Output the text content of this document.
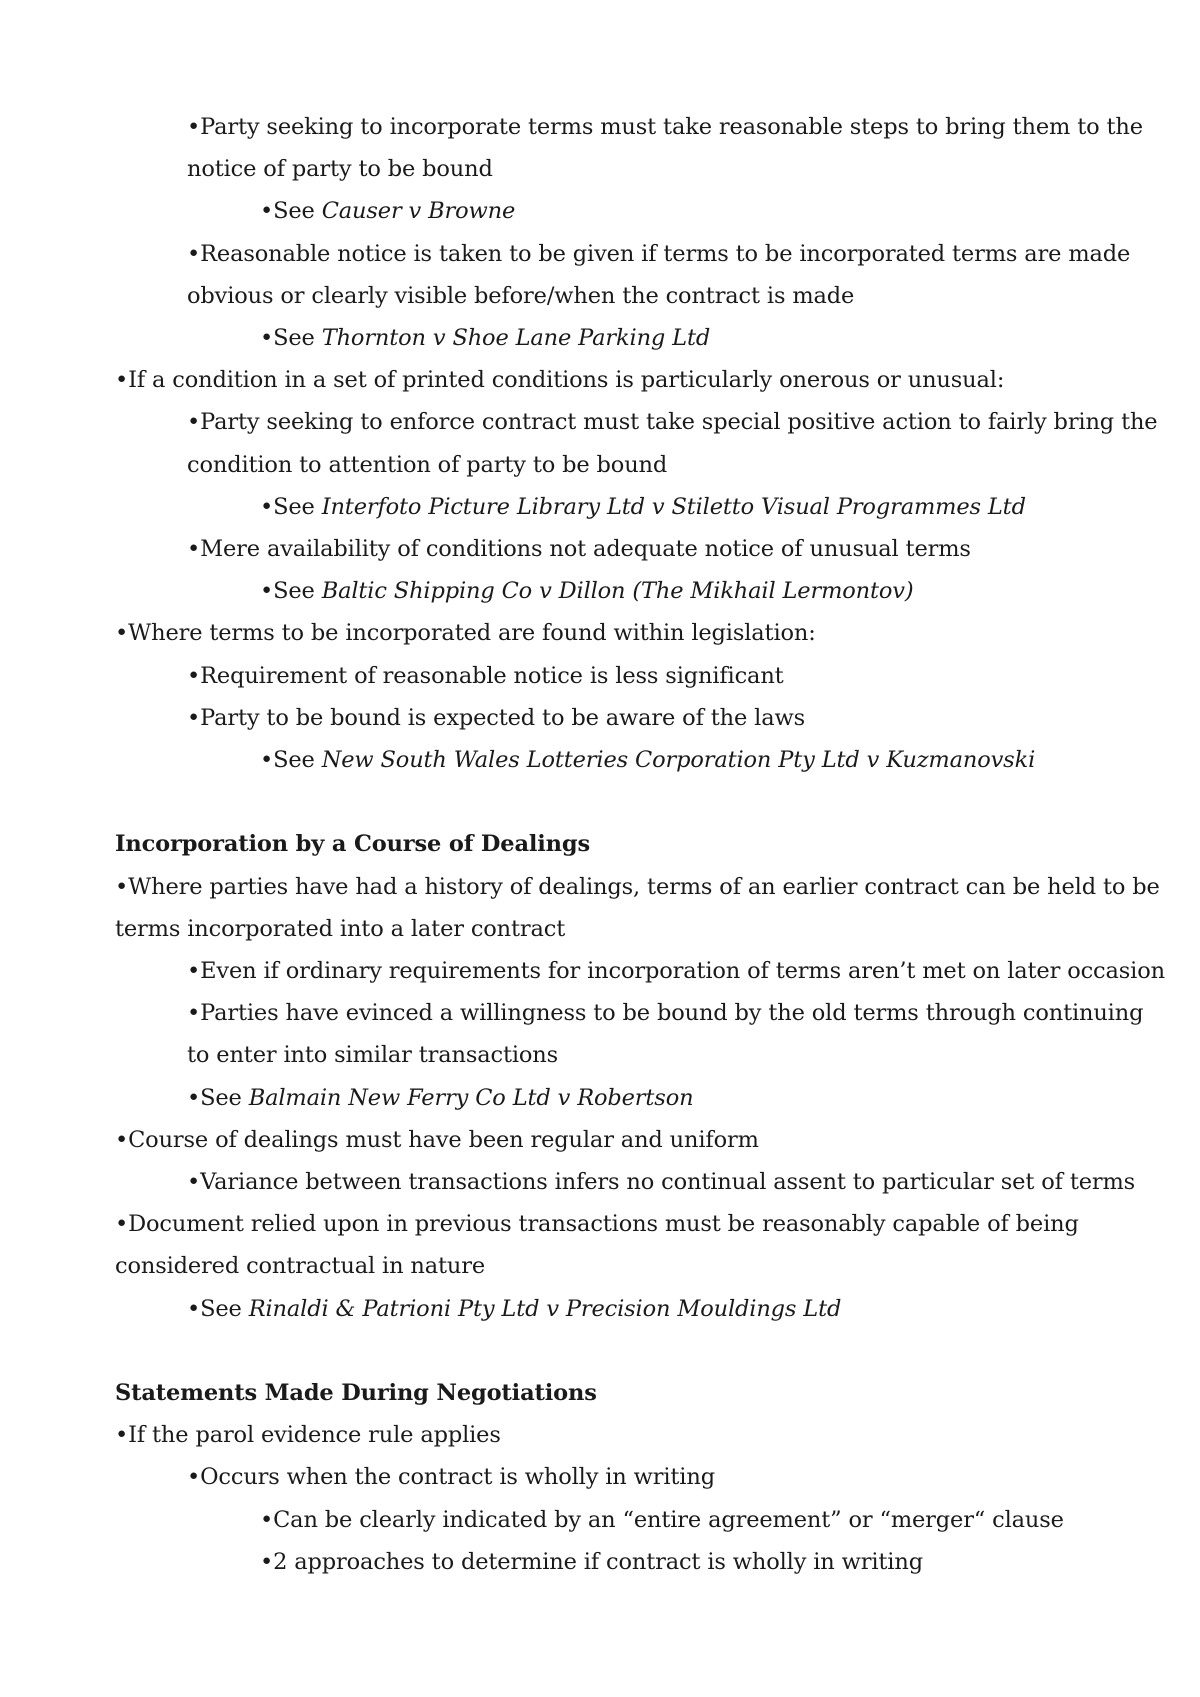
•Party seeking to incorporate terms must take reasonable steps to bring them to the
notice of party to be bound
•See Causer v Browne
•Reasonable notice is taken to be given if terms to be incorporated terms are made
obvious or clearly visible before/when the contract is made
•See Thornton v Shoe Lane Parking Ltd
•If a condition in a set of printed conditions is particularly onerous or unusual:
•Party seeking to enforce contract must take special positive action to fairly bring the
condition to attention of party to be bound
•See Interfoto Picture Library Ltd v Stiletto Visual Programmes Ltd
•Mere availability of conditions not adequate notice of unusual terms
•See Baltic Shipping Co v Dillon (The Mikhail Lermontov)
•Where terms to be incorporated are found within legislation:
•Requirement of reasonable notice is less significant
•Party to be bound is expected to be aware of the laws
•See New South Wales Lotteries Corporation Pty Ltd v Kuzmanovski
Incorporation by a Course of Dealings
•Where parties have had a history of dealings, terms of an earlier contract can be held to be
terms incorporated into a later contract
•Even if ordinary requirements for incorporation of terms aren’t met on later occasion
•Parties have evinced a willingness to be bound by the old terms through continuing
to enter into similar transactions
•See Balmain New Ferry Co Ltd v Robertson
•Course of dealings must have been regular and uniform
•Variance between transactions infers no continual assent to particular set of terms
•Document relied upon in previous transactions must be reasonably capable of being
considered contractual in nature
•See Rinaldi & Patrioni Pty Ltd v Precision Mouldings Ltd
Statements Made During Negotiations
•If the parol evidence rule applies
•Occurs when the contract is wholly in writing
•Can be clearly indicated by an “entire agreement” or “merger“ clause
•2 approaches to determine if contract is wholly in writing
